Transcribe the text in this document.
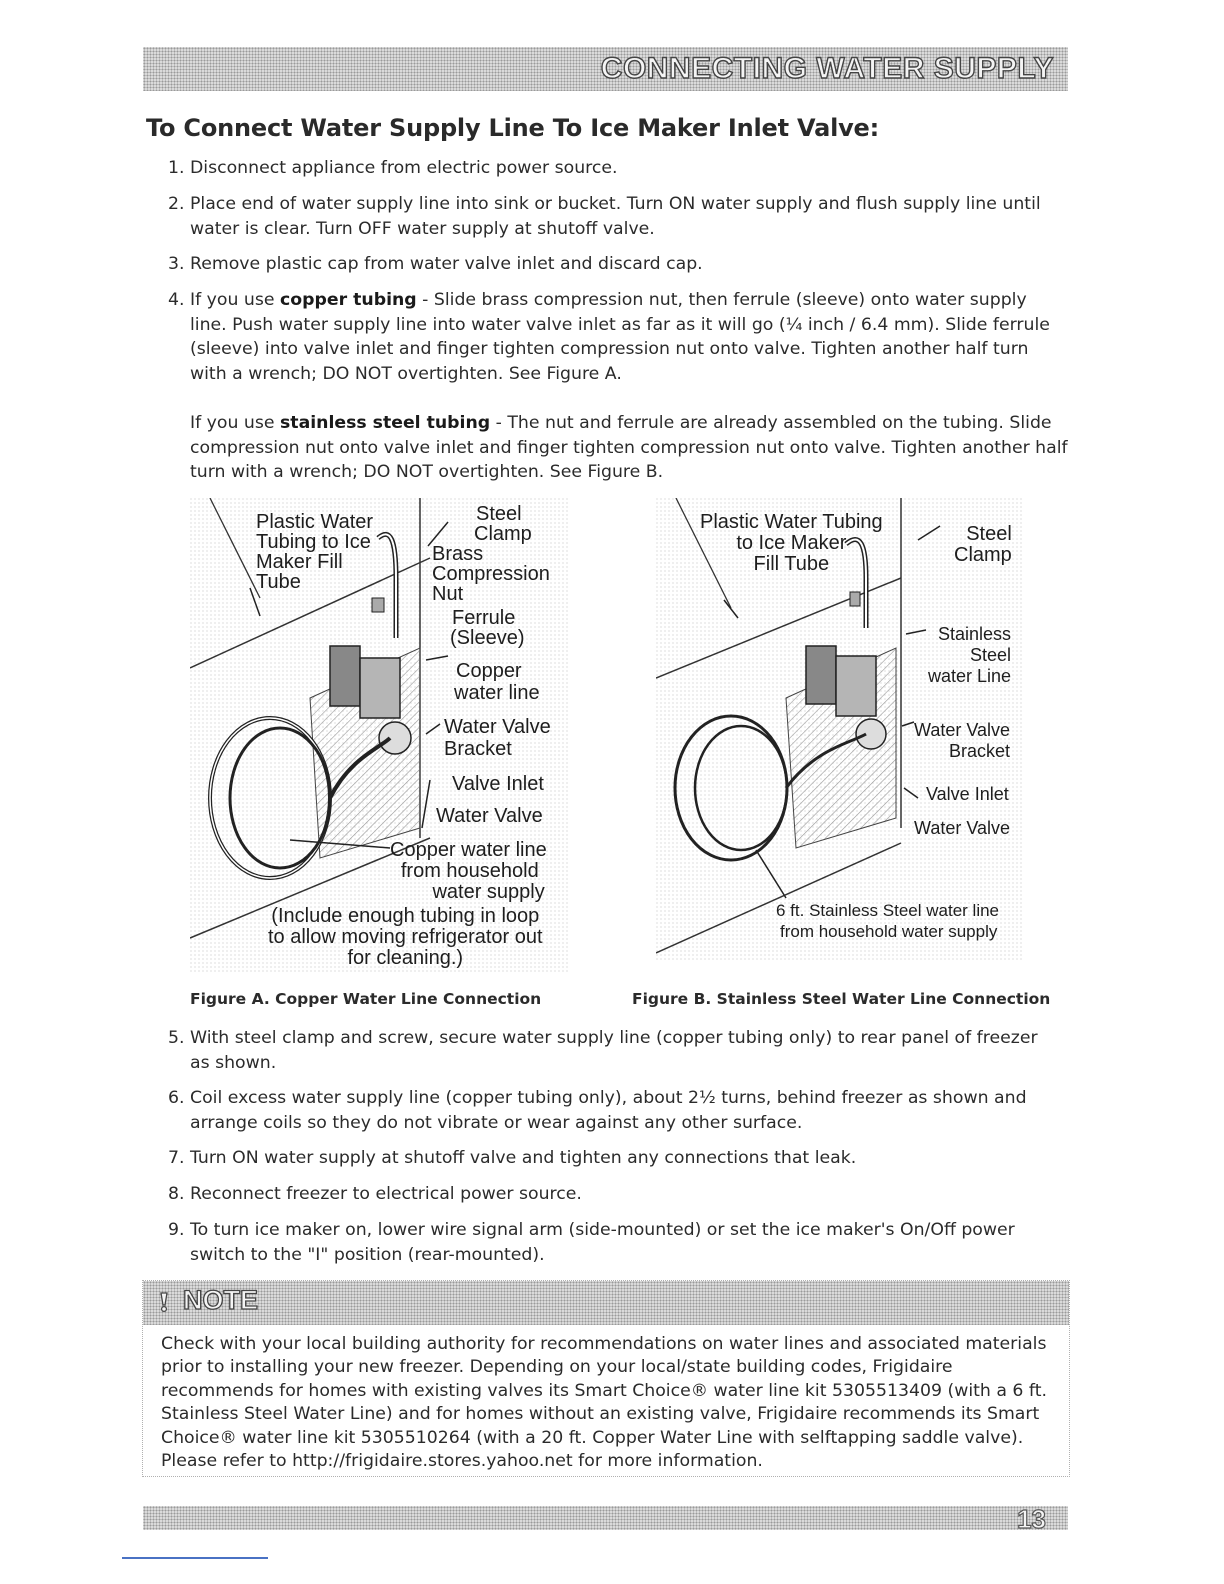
CONNECTING WATER SUPPLY
To Connect Water Supply Line To Ice Maker Inlet Valve:
1. Disconnect appliance from electric power source.
2. Place end of water supply line into sink or bucket. Turn ON water supply and flush supply line until water is clear. Turn OFF water supply at shutoff valve.
3. Remove plastic cap from water valve inlet and discard cap.
4. If you use copper tubing - Slide brass compression nut, then ferrule (sleeve) onto water supply line. Push water supply line into water valve inlet as far as it will go (¼ inch / 6.4 mm). Slide ferrule (sleeve) into valve inlet and finger tighten compression nut onto valve. Tighten another half turn with a wrench; DO NOT overtighten. See Figure A.
If you use stainless steel tubing - The nut and ferrule are already assembled on the tubing. Slide compression nut onto valve inlet and finger tighten compression nut onto valve. Tighten another half turn with a wrench; DO NOT overtighten. See Figure B.
Plastic Water
Tubing to Ice
Maker Fill
Tube
Steel
Clamp
Brass
Compression
Nut
Ferrule
(Sleeve)
Copper
water line
Water Valve
Bracket
Valve Inlet
Water Valve
Copper water line
from household
water supply
(Include enough tubing in loop
to allow moving refrigerator out
for cleaning.)
Figure A. Copper Water Line Connection
Plastic Water Tubing
to Ice Maker
Fill Tube
Steel
Clamp
Stainless
Steel
water Line
Water Valve
Bracket
Valve Inlet
Water Valve
6 ft. Stainless Steel water line
from household water supply
Figure B. Stainless Steel Water Line Connection
5. With steel clamp and screw, secure water supply line (copper tubing only) to rear panel of freezer as shown.
6. Coil excess water supply line (copper tubing only), about 2½ turns, behind freezer as shown and arrange coils so they do not vibrate or wear against any other surface.
7. Turn ON water supply at shutoff valve and tighten any connections that leak.
8. Reconnect freezer to electrical power source.
9. To turn ice maker on, lower wire signal arm (side-mounted) or set the ice maker's On/Off power switch to the "I" position (rear-mounted).
NOTE
Check with your local building authority for recommendations on water lines and associated materials prior to installing your new freezer. Depending on your local/state building codes, Frigidaire recommends for homes with existing valves its Smart Choice® water line kit 5305513409 (with a 6 ft. Stainless Steel Water Line) and for homes without an existing valve, Frigidaire recommends its Smart Choice® water line kit 5305510264 (with a 20 ft. Copper Water Line with selftapping saddle valve). Please refer to http://frigidaire.stores.yahoo.net for more information.
13
